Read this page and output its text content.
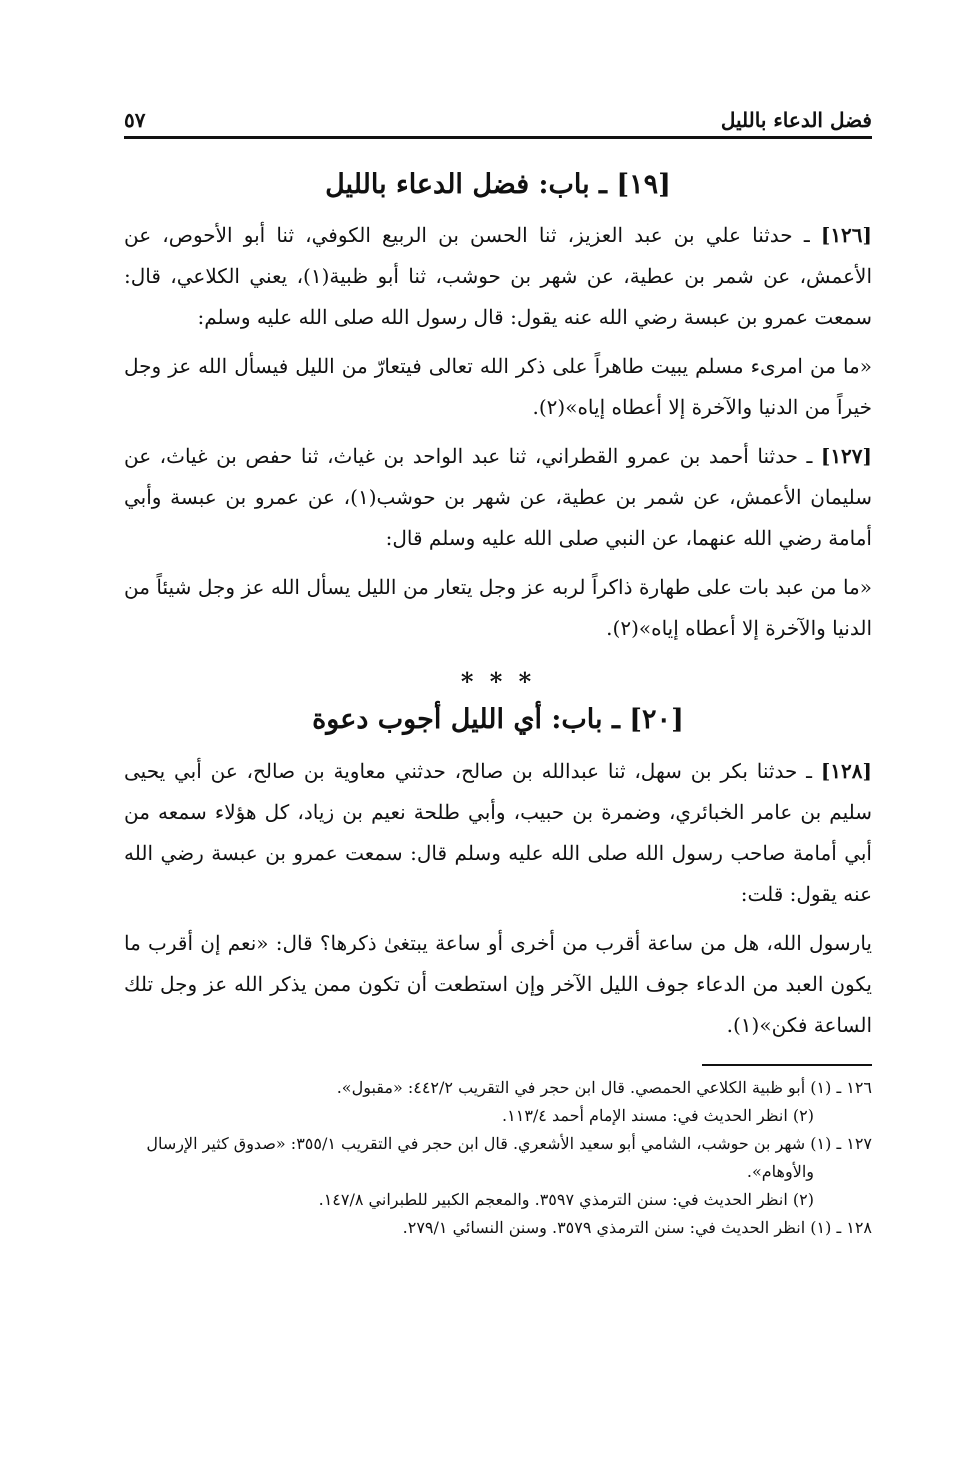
فضل الدعاء بالليل
٥٧
[١٩] ـ باب: فضل الدعاء بالليل

[١٢٦] ـ حدثنا علي بن عبد العزيز، ثنا الحسن بن الربيع الكوفي، ثنا أبو الأحوص، عن الأعمش، عن شمر بن عطية، عن شهر بن حوشب، ثنا أبو ظبية(١)، يعني الكلاعي، قال: سمعت عمرو بن عبسة رضي الله عنه يقول: قال رسول الله صلى الله عليه وسلم:

«ما من امرىء مسلم يبيت طاهراً على ذكر الله تعالى فيتعارّ من الليل فيسأل الله عز وجل خيراً من الدنيا والآخرة إلا أعطاه إياه»(٢).

[١٢٧] ـ حدثنا أحمد بن عمرو القطراني، ثنا عبد الواحد بن غياث، ثنا حفص بن غياث، عن سليمان الأعمش، عن شمر بن عطية، عن شهر بن حوشب(١)، عن عمرو بن عبسة وأبي أمامة رضي الله عنهما، عن النبي صلى الله عليه وسلم قال:

«ما من عبد بات على طهارة ذاكراً لربه عز وجل يتعار من الليل يسأل الله عز وجل شيئاً من الدنيا والآخرة إلا أعطاه إياه»(٢).

* * *
[٢٠] ـ باب: أي الليل أجوب دعوة

[١٢٨] ـ حدثنا بكر بن سهل، ثنا عبدالله بن صالح، حدثني معاوية بن صالح، عن أبي يحيى سليم بن عامر الخبائري، وضمرة بن حبيب، وأبي طلحة نعيم بن زياد، كل هؤلاء سمعه من أبي أمامة صاحب رسول الله صلى الله عليه وسلم قال: سمعت عمرو بن عبسة رضي الله عنه يقول: قلت:

يارسول الله، هل من ساعة أقرب من أخرى أو ساعة يبتغىٰ ذكرها؟ قال: «نعم إن أقرب ما يكون العبد من الدعاء جوف الليل الآخر وإن استطعت أن تكون ممن يذكر الله عز وجل تلك الساعة فكن»(١).

١٢٦ ـ (١) أبو ظبية الكلاعي الحمصي. قال ابن حجر في التقريب ٤٤٢/٢: «مقبول».

(٢) انظر الحديث في: مسند الإمام أحمد ١١٣/٤.

١٢٧ ـ (١) شهر بن حوشب، الشامي أبو سعيد الأشعري. قال ابن حجر في التقريب ٣٥٥/١: «صدوق كثير الإرسال والأوهام».

(٢) انظر الحديث في: سنن الترمذي ٣٥٩٧. والمعجم الكبير للطبراني ١٤٧/٨.

١٢٨ ـ (١) انظر الحديث في: سنن الترمذي ٣٥٧٩. وسنن النسائي ٢٧٩/١.
